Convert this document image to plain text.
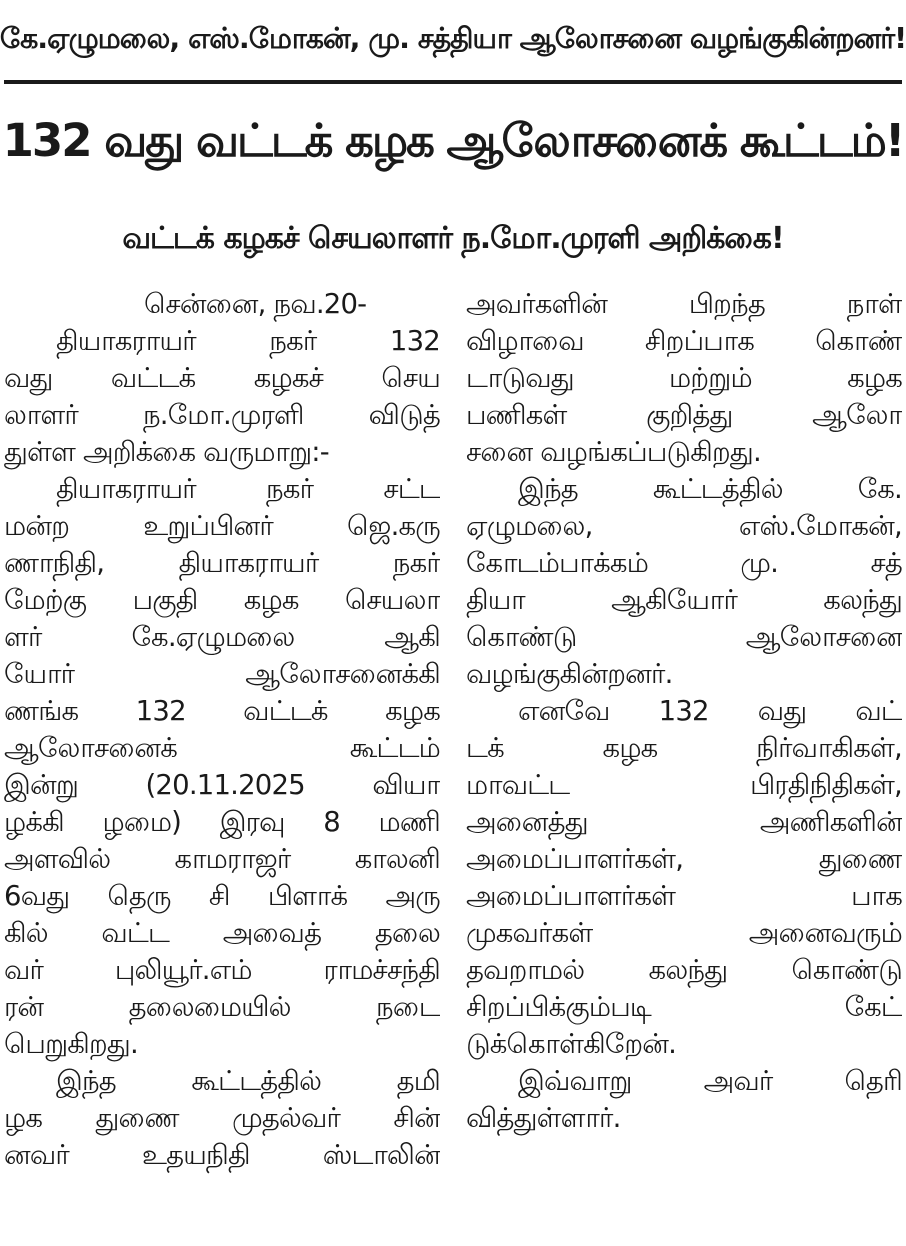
கே.ஏழுமலை, எஸ்.மோகன், மு. சத்தியா ஆலோசனை வழங்குகின்றனர்!
132 வது வட்டக் கழக ஆலோசனைக் கூட்டம்!
வட்டக் கழகச் செயலாளர் ந.மோ.முரளி அறிக்கை!
சென்னை, நவ.20-
தியாகராயர் நகர் 132
வது வட்டக் கழகச் செய
லாளர் ந.மோ.முரளி விடுத்
துள்ள அறிக்கை வருமாறு:-
தியாகராயர் நகர் சட்ட
மன்ற உறுப்பினர் ஜெ.கரு
ணாநிதி, தியாகராயர் நகர்
மேற்கு பகுதி கழக செயலா
ளர் கே.ஏழுமலை ஆகி
யோர் ஆலோசனைக்கி
ணங்க 132 வட்டக் கழக
ஆலோசனைக் கூட்டம்
இன்று (20.11.2025 வியா
ழக்கி ழமை) இரவு 8 மணி
அளவில் காமராஜர் காலனி
6வது தெரு சி பிளாக் அரு
கில் வட்ட அவைத் தலை
வர் புலியூர்.எம் ராமச்சந்தி
ரன் தலைமையில் நடை
பெறுகிறது.
இந்த கூட்டத்தில் தமி
ழக துணை முதல்வர் சின்
னவர் உதயநிதி ஸ்டாலின்
அவர்களின் பிறந்த நாள்
விழாவை சிறப்பாக கொண்
டாடுவது மற்றும் கழக
பணிகள் குறித்து ஆலோ
சனை வழங்கப்படுகிறது.
இந்த கூட்டத்தில் கே.
ஏழுமலை, எஸ்.மோகன்,
கோடம்பாக்கம் மு. சத்
தியா ஆகியோர் கலந்து
கொண்டு ஆலோசனை
வழங்குகின்றனர்.
எனவே 132 வது வட்
டக் கழக நிர்வாகிகள்,
மாவட்ட பிரதிநிதிகள்,
அனைத்து அணிகளின்
அமைப்பாளர்கள், துணை
அமைப்பாளர்கள் பாக
முகவர்கள் அனைவரும்
தவறாமல் கலந்து கொண்டு
சிறப்பிக்கும்படி கேட்
டுக்கொள்கிறேன்.
இவ்வாறு அவர் தெரி
வித்துள்ளார்.
